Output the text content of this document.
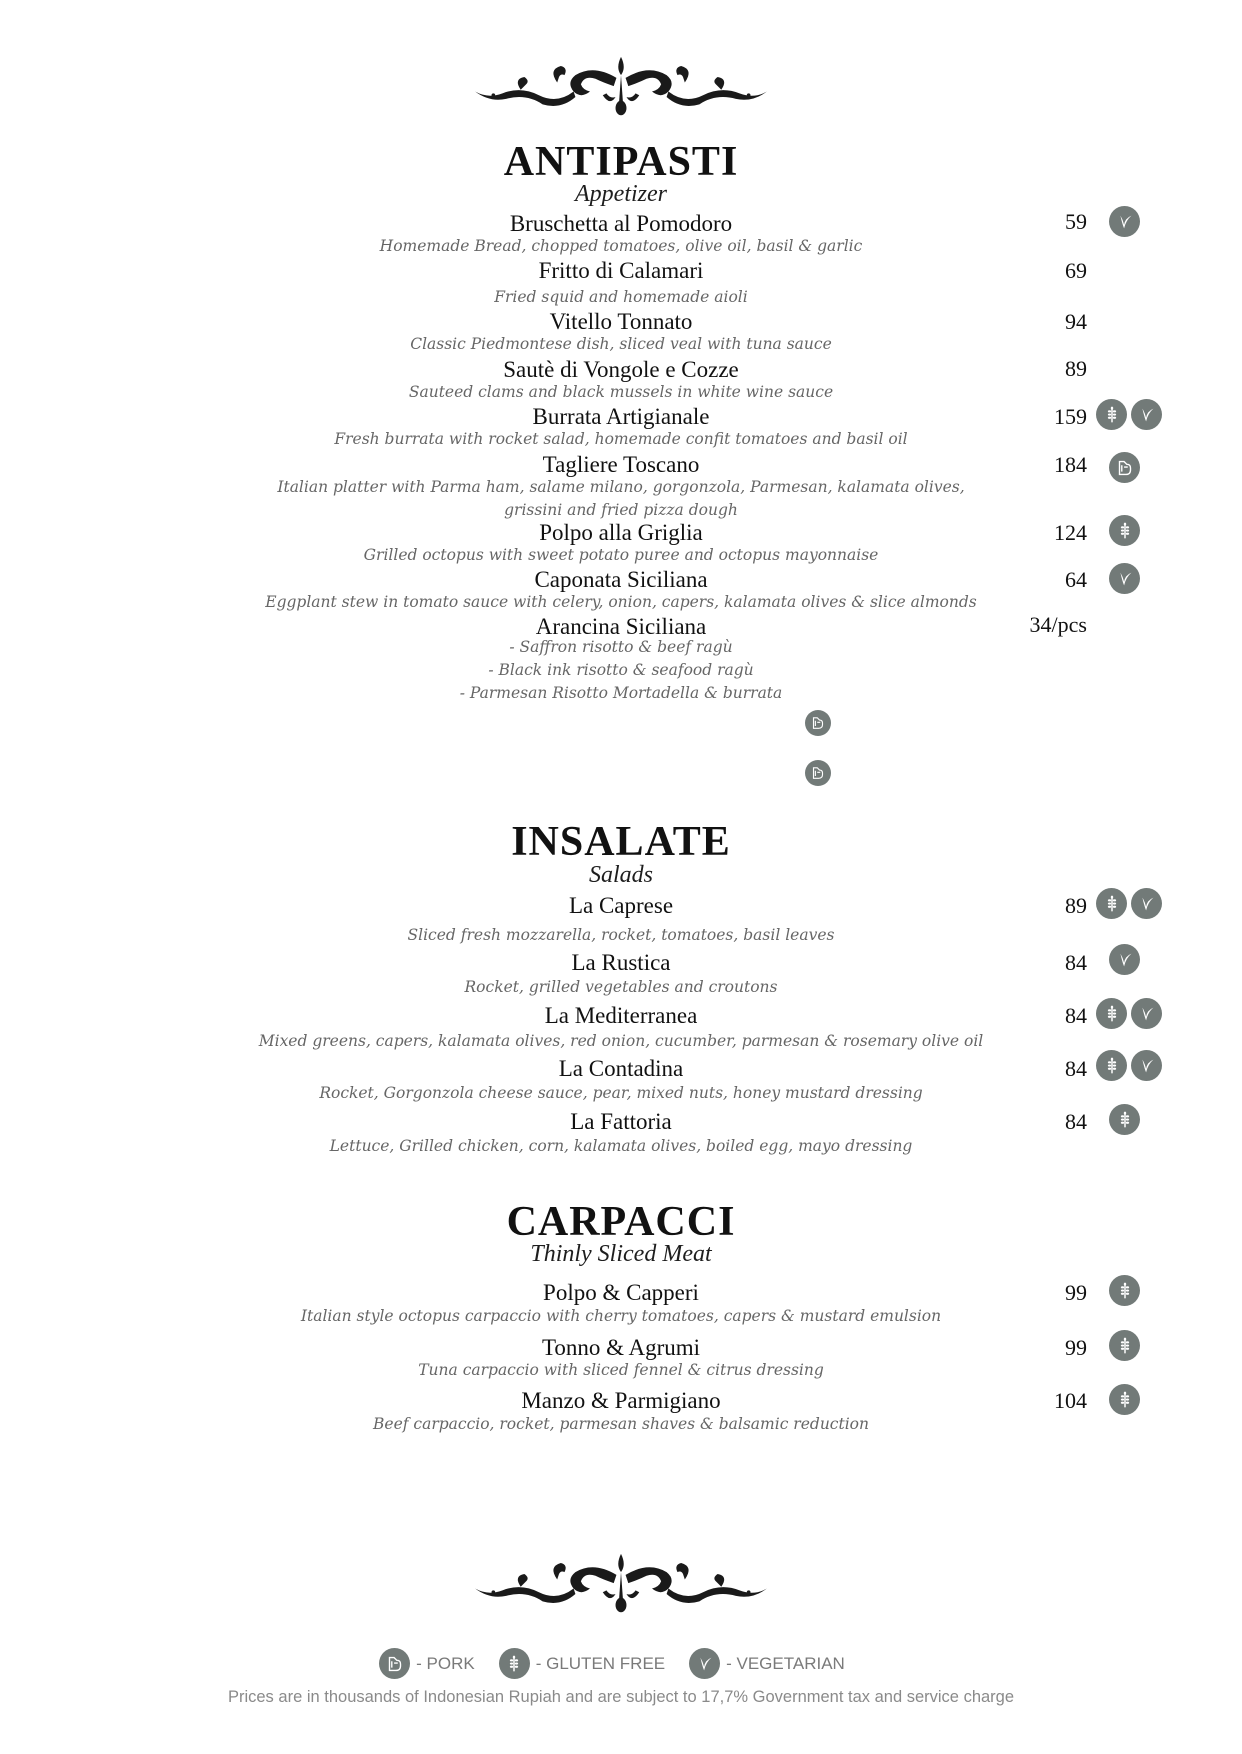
ANTIPASTI
Appetizer
Bruschetta al Pomodoro
Homemade Bread, chopped tomatoes, olive oil, basil & garlic
59
Fritto di Calamari
Fried squid and homemade aioli
69
Vitello Tonnato
Classic Piedmontese dish, sliced veal with tuna sauce
94
Sautè di Vongole e Cozze
Sauteed clams and black mussels in white wine sauce
89
Burrata Artigianale
Fresh burrata with rocket salad, homemade confit tomatoes and basil oil
159
Tagliere Toscano
Italian platter with Parma ham, salame milano, gorgonzola, Parmesan, kalamata olives,
grissini and fried pizza dough
184
Polpo alla Griglia
Grilled octopus with sweet potato puree and octopus mayonnaise
124
Caponata Siciliana
Eggplant stew in tomato sauce with celery, onion, capers, kalamata olives & slice almonds
64
Arancina Siciliana	34/pcs
- Saffron risotto & beef ragù
- Black ink risotto & seafood ragù
- Parmesan Risotto Mortadella & burrata
INSALATE
Salads
La Caprese
Sliced fresh mozzarella, rocket, tomatoes, basil leaves
89
La Rustica
Rocket, grilled vegetables and croutons
84
La Mediterranea
Mixed greens, capers, kalamata olives, red onion, cucumber, parmesan & rosemary olive oil
84
La Contadina
Rocket, Gorgonzola cheese sauce, pear, mixed nuts, honey mustard dressing
84
La Fattoria
Lettuce, Grilled chicken, corn, kalamata olives, boiled egg, mayo dressing
84
CARPACCI
Thinly Sliced Meat
Polpo & Capperi
Italian style octopus carpaccio with cherry tomatoes, capers & mustard emulsion
99
Tonno & Agrumi
Tuna carpaccio with sliced fennel & citrus dressing
99
Manzo & Parmigiano
Beef carpaccio, rocket, parmesan shaves & balsamic reduction
104
- PORK	- GLUTEN FREE	- VEGETARIAN
Prices are in thousands of Indonesian Rupiah and are subject to 17,7% Government tax and service charge
